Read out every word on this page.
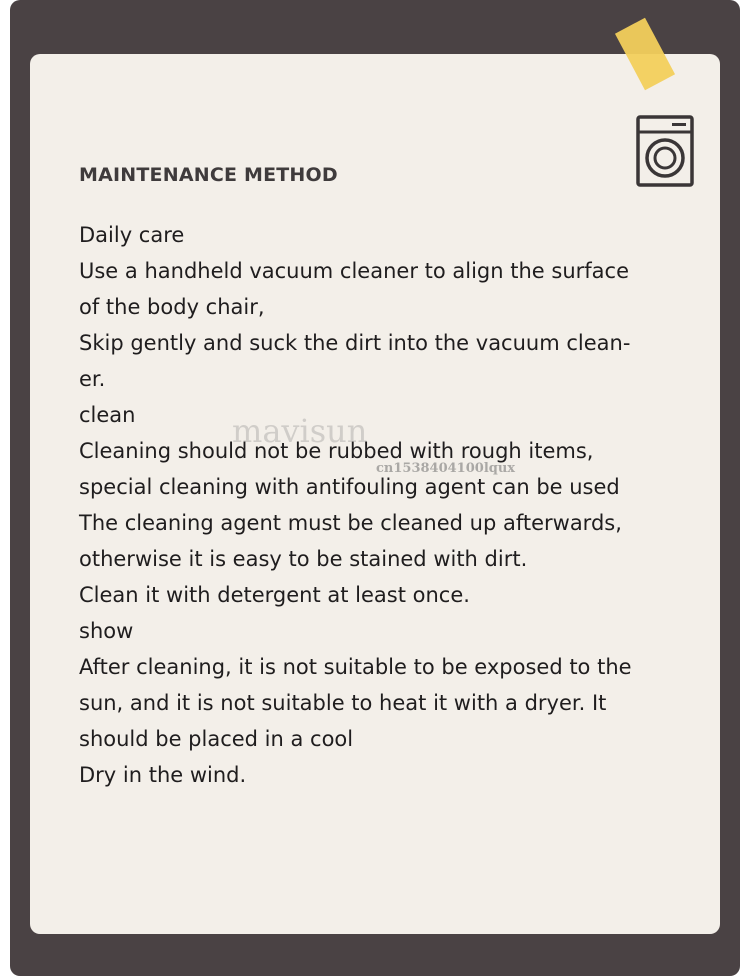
MAINTENANCE METHOD
Daily care
Use a handheld vacuum cleaner to align the surface
of the body chair,
Skip gently and suck the dirt into the vacuum clean-
er.
clean
Cleaning should not be rubbed with rough items,
special cleaning with antifouling agent can be used
The cleaning agent must be cleaned up afterwards,
otherwise it is easy to be stained with dirt.
Clean it with detergent at least once.
show
After cleaning, it is not suitable to be exposed to the
sun, and it is not suitable to heat it with a dryer. It
should be placed in a cool
Dry in the wind.
mavisun
cn1538404100lqux
